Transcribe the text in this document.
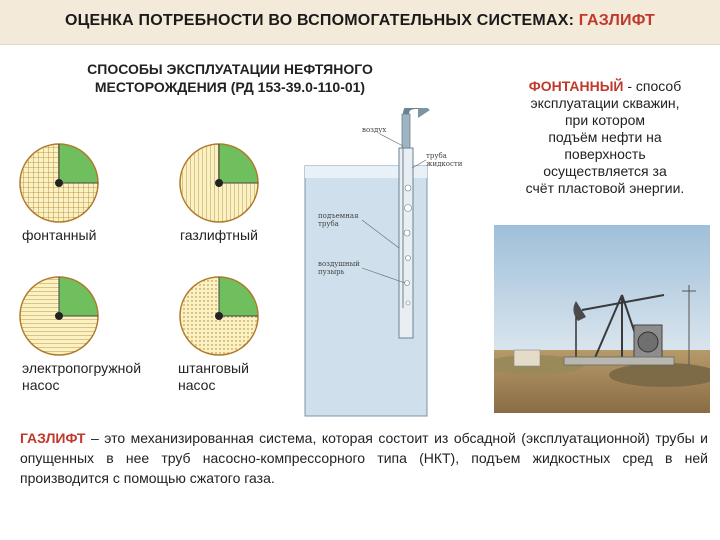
ОЦЕНКА ПОТРЕБНОСТИ ВО ВСПОМОГАТЕЛЬНЫХ СИСТЕМАХ: ГАЗЛИФТ
СПОСОБЫ ЭКСПЛУАТАЦИИ НЕФТЯНОГО
МЕСТОРОЖДЕНИЯ (РД 153-39.0-110-01)
фонтанный	газлифтный
электропогружной
насос
штанговый
насос
воздух
труба
жидкости
подъемная
труба
воздушный
пузырь
ФОНТАННЫЙ - способ
эксплуатации скважин,
при котором
подъём нефти на
поверхность
осуществляется за
счёт пластовой энергии.
ГАЗЛИФТ – это механизированная система, которая состоит из обсадной (эксплуатационной) трубы и опущенных в нее труб насосно-компрессорного типа (НКТ), подъем жидкостных сред в ней производится с помощью сжатого газа.
